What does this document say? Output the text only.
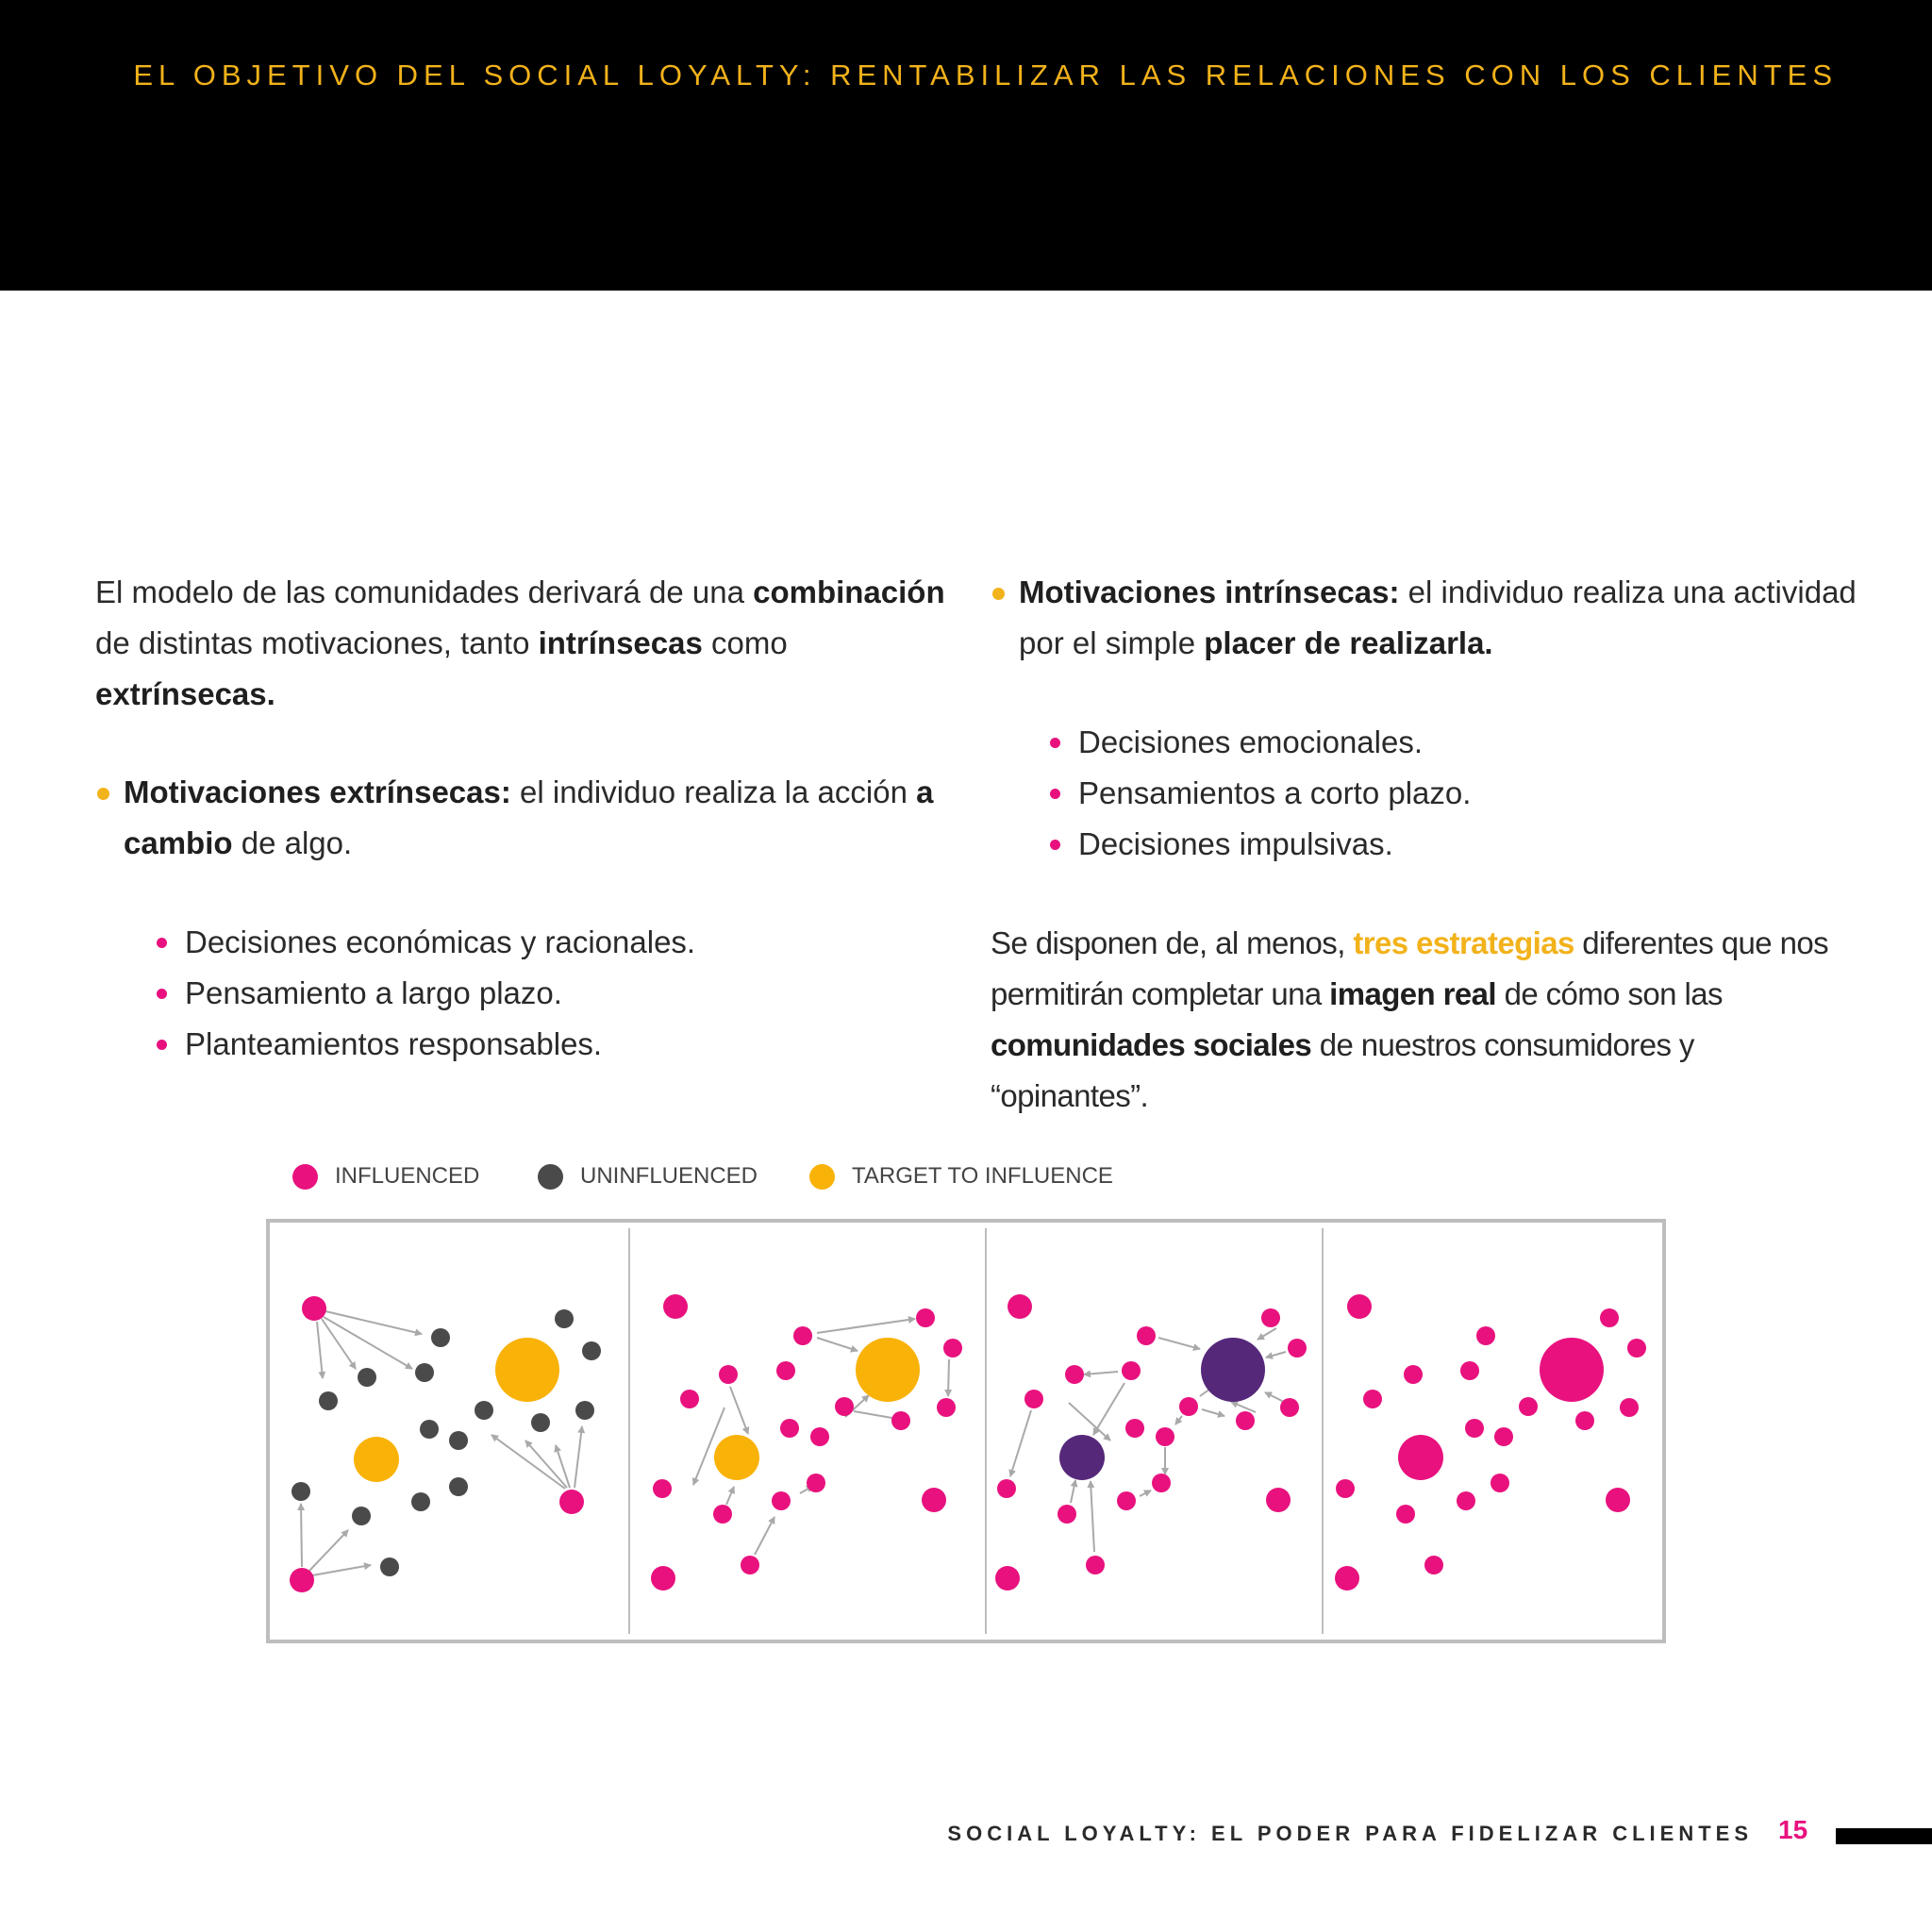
EL OBJETIVO DEL SOCIAL LOYALTY: RENTABILIZAR LAS RELACIONES CON LOS CLIENTES

El modelo de las comunidades derivará de una combinación de distintas motivaciones, tanto intrínsecas como extrínsecas.

Motivaciones extrínsecas: el individuo realiza la acción a cambio de algo.
Decisiones económicas y racionales.
Pensamiento a largo plazo.
Planteamientos responsables.
Motivaciones intrínsecas: el individuo realiza una actividad por el simple placer de realizarla.
Decisiones emocionales.
Pensamientos a corto plazo.
Decisiones impulsivas.

Se disponen de, al menos, tres estrategias diferentes que nos permitirán completar una imagen real de cómo son las comunidades sociales de nuestros consumidores y “opinantes”.

INFLUENCED	UNINFLUENCED	TARGET TO INFLUENCE
SOCIAL LOYALTY: EL PODER PARA FIDELIZAR CLIENTES 15
